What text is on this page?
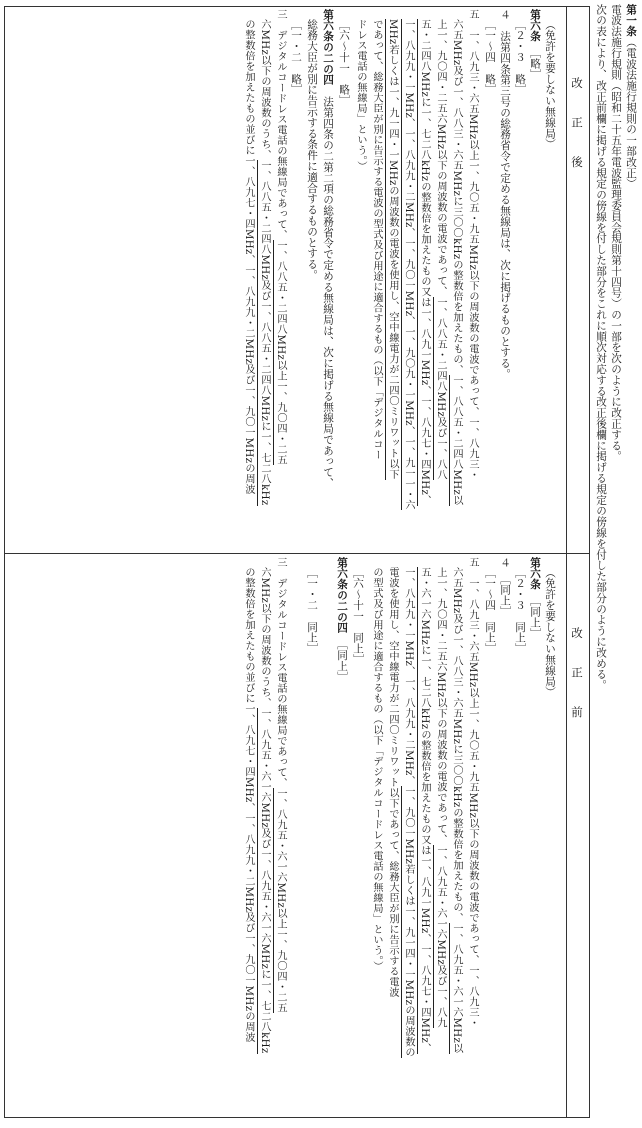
第一条（電波法施行規則の一部改正）
電波法施行規則（昭和二十五年電波監理委員会規則第十四号）の一部を次のように改正する。
次の表により、改正前欄に掲げる規定の傍線を付した部分をこれに順次対応する改正後欄に掲げる規定の傍線を付した部分のように改める。
改正後
改正前
（免許を要しない無線局）
第六条　［略］
［２・３　略］
４　法第四条第三号の総務省令で定める無線局は、次に掲げるものとする。
［一～四　略］
五　一、八九三・六五MHz以上一、九〇五・九五MHz以下の周波数の電波であって、一、八九三・
六五MHz及び一、八八三・六五MHzに三〇〇kHzの整数倍を加えたもの、一、八八五・二四八MHz以
上一、九〇四・二五六MHz以下の周波数の電波であって、一、八八五・二四八MHz及び一、八八
五・二四八MHzに一、七二八kHzの整数倍を加えたもの又は一、八九一MHz、一、八九七・四MHz、
一、八九九・一MHz、一、八九九・二MHz、一、九〇一MHz、一、九〇九・一MHz、一、九一一・六
MHz若しくは一、九一四・一MHzの周波数の電波を使用し、空中線電力が二四〇ミリワット以下
であって、総務大臣が別に告示する電波の型式及び用途に適合するもの（以下「デジタルコー
ドレス電話の無線局」という。）
［六～十一　略］
第六条の二の四　法第四条の二第二項の総務省令で定める無線局は、次に掲げる無線局であって、
総務大臣が別に告示する条件に適合するものとする。
［一・二　略］
三　デジタルコードレス電話の無線局であって、一、八八五・二四八MHz以上一、九〇四・二五
六MHz以下の周波数のうち、一、八八五・二四八MHz及び一、八八五・二四八MHzに一、七二八kHz
の整数倍を加えたもの並びに一、八九七・四MHz、一、八九九・二MHz及び一、九〇一MHzの周波
（免許を要しない無線局）
第六条　［同上］
［２・３　同上］
４　［同上］
［一～四　同上］
五　一、八九三・六五MHz以上一、九〇五・九五MHz以下の周波数の電波であって、一、八九三・
六五MHz及び一、八八三・六五MHzに三〇〇kHzの整数倍を加えたもの、一、八九五・六一六MHz以
上一、九〇四・二五六MHz以下の周波数の電波であって、一、八九五・六一六MHz及び一、八九
五・六一六MHzに一、七二八kHzの整数倍を加えたもの又は一、八九一MHz、一、八九七・四MHz、
一、八九九・一MHz、一、八九九・二MHz、一、九〇一MHz若しくは一、九一四・一MHzの周波数の
電波を使用し、空中線電力が二四〇ミリワット以下であって、総務大臣が別に告示する電波
の型式及び用途に適合するもの（以下「デジタルコードレス電話の無線局」という。）
［六～十一　同上］
第六条の二の四　［同上］
［一・二　同上］
三　デジタルコードレス電話の無線局であって、一、八九五・六一六MHz以上一、九〇四・二五
六MHz以下の周波数のうち、一、八九五・六一六MHz及び一、八九五・六一六MHzに一、七二八kHz
の整数倍を加えたもの並びに一、八九七・四MHz、一、八九九・二MHz及び一、九〇一MHzの周波
